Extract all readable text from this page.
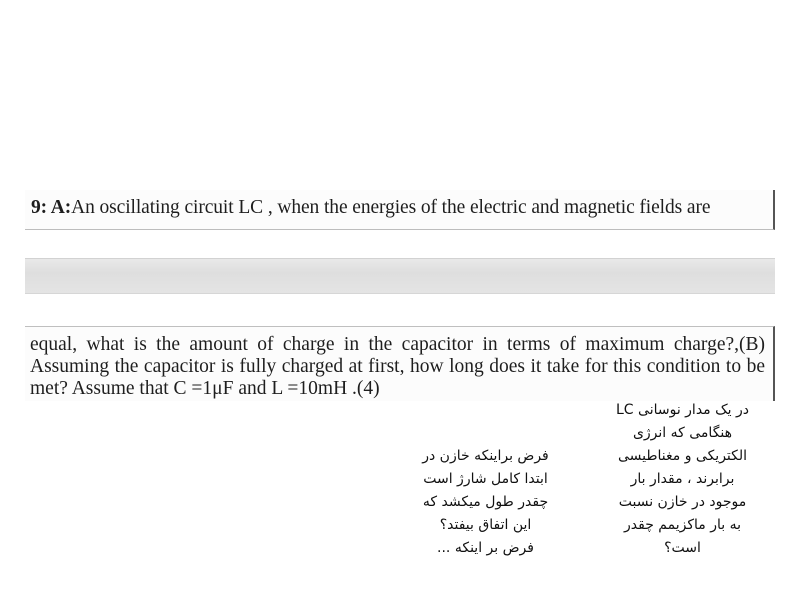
9: A:An oscillating circuit LC , when the energies of the electric and magnetic fields are
equal, what is the amount of charge in the capacitor in terms of maximum charge?,(B)
Assuming the capacitor is fully charged at first, how long does it take for this condition to be
met? Assume that C =1μF and L =10mH .(4)
در یک مدار نوسانی LC
هنگامی که انرژی
الکتریکی و مغناطیسی
برابرند ، مقدار بار
موجود در خازن نسبت
به بار ماکزیمم چقدر
است؟
فرض براینکه خازن در
ابتدا کامل شارژ است
چقدر طول میکشد که
این اتفاق بیفتد؟
فرض بر اینکه ...
